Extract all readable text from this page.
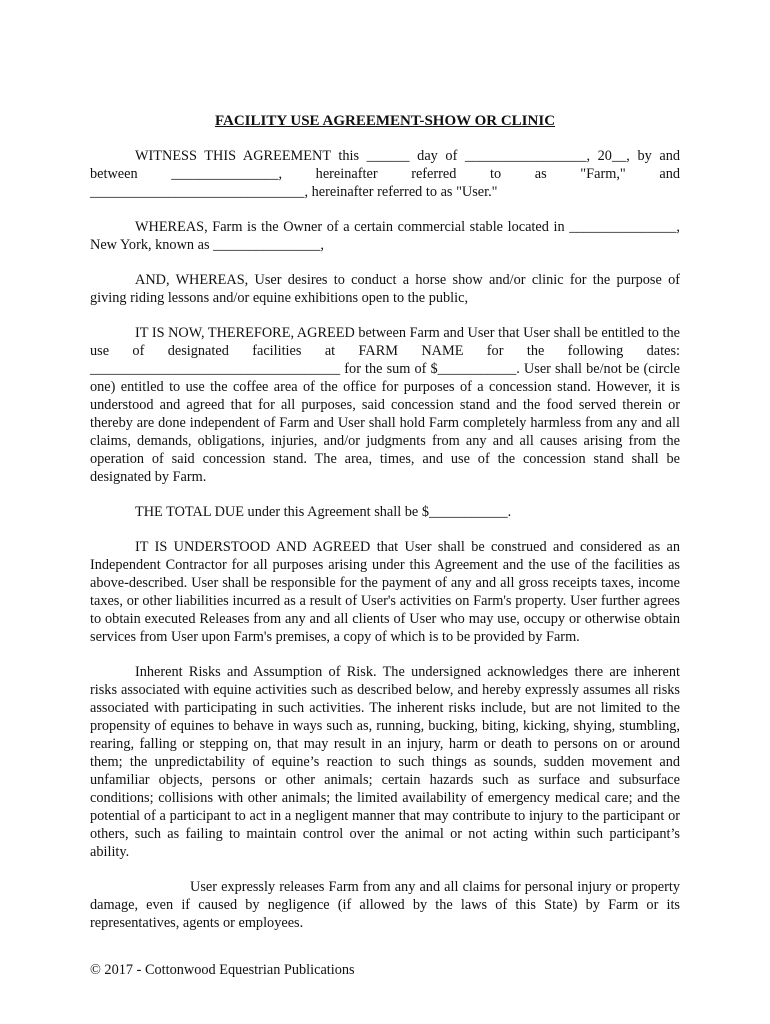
FACILITY USE AGREEMENT-SHOW OR CLINIC

WITNESS THIS AGREEMENT this ______ day of _________________, 20__, by and between _______________, hereinafter referred to as "Farm," and ______________________________, hereinafter referred to as "User."

WHEREAS, Farm is the Owner of a certain commercial stable located in _______________, New York, known as _______________,

AND, WHEREAS, User desires to conduct a horse show and/or clinic for the purpose of giving riding lessons and/or equine exhibitions open to the public,

IT IS NOW, THEREFORE, AGREED between Farm and User that User shall be entitled to the use of designated facilities at FARM NAME for the following dates: ___________________________________ for the sum of $___________. User shall be/not be (circle one) entitled to use the coffee area of the office for purposes of a concession stand. However, it is understood and agreed that for all purposes, said concession stand and the food served therein or thereby are done independent of Farm and User shall hold Farm completely harmless from any and all claims, demands, obligations, injuries, and/or judgments from any and all causes arising from the operation of said concession stand. The area, times, and use of the concession stand shall be designated by Farm.

THE TOTAL DUE under this Agreement shall be $___________.

IT IS UNDERSTOOD AND AGREED that User shall be construed and considered as an Independent Contractor for all purposes arising under this Agreement and the use of the facilities as above-described. User shall be responsible for the payment of any and all gross receipts taxes, income taxes, or other liabilities incurred as a result of User's activities on Farm's property. User further agrees to obtain executed Releases from any and all clients of User who may use, occupy or otherwise obtain services from User upon Farm's premises, a copy of which is to be provided by Farm.

Inherent Risks and Assumption of Risk. The undersigned acknowledges there are inherent risks associated with equine activities such as described below, and hereby expressly assumes all risks associated with participating in such activities. The inherent risks include, but are not limited to the propensity of equines to behave in ways such as, running, bucking, biting, kicking, shying, stumbling, rearing, falling or stepping on, that may result in an injury, harm or death to persons on or around them; the unpredictability of equine’s reaction to such things as sounds, sudden movement and unfamiliar objects, persons or other animals; certain hazards such as surface and subsurface conditions; collisions with other animals; the limited availability of emergency medical care; and the potential of a participant to act in a negligent manner that may contribute to injury to the participant or others, such as failing to maintain control over the animal or not acting within such participant’s ability.

User expressly releases Farm from any and all claims for personal injury or property damage, even if caused by negligence (if allowed by the laws of this State) by Farm or its representatives, agents or employees.

© 2017 - Cottonwood Equestrian Publications
